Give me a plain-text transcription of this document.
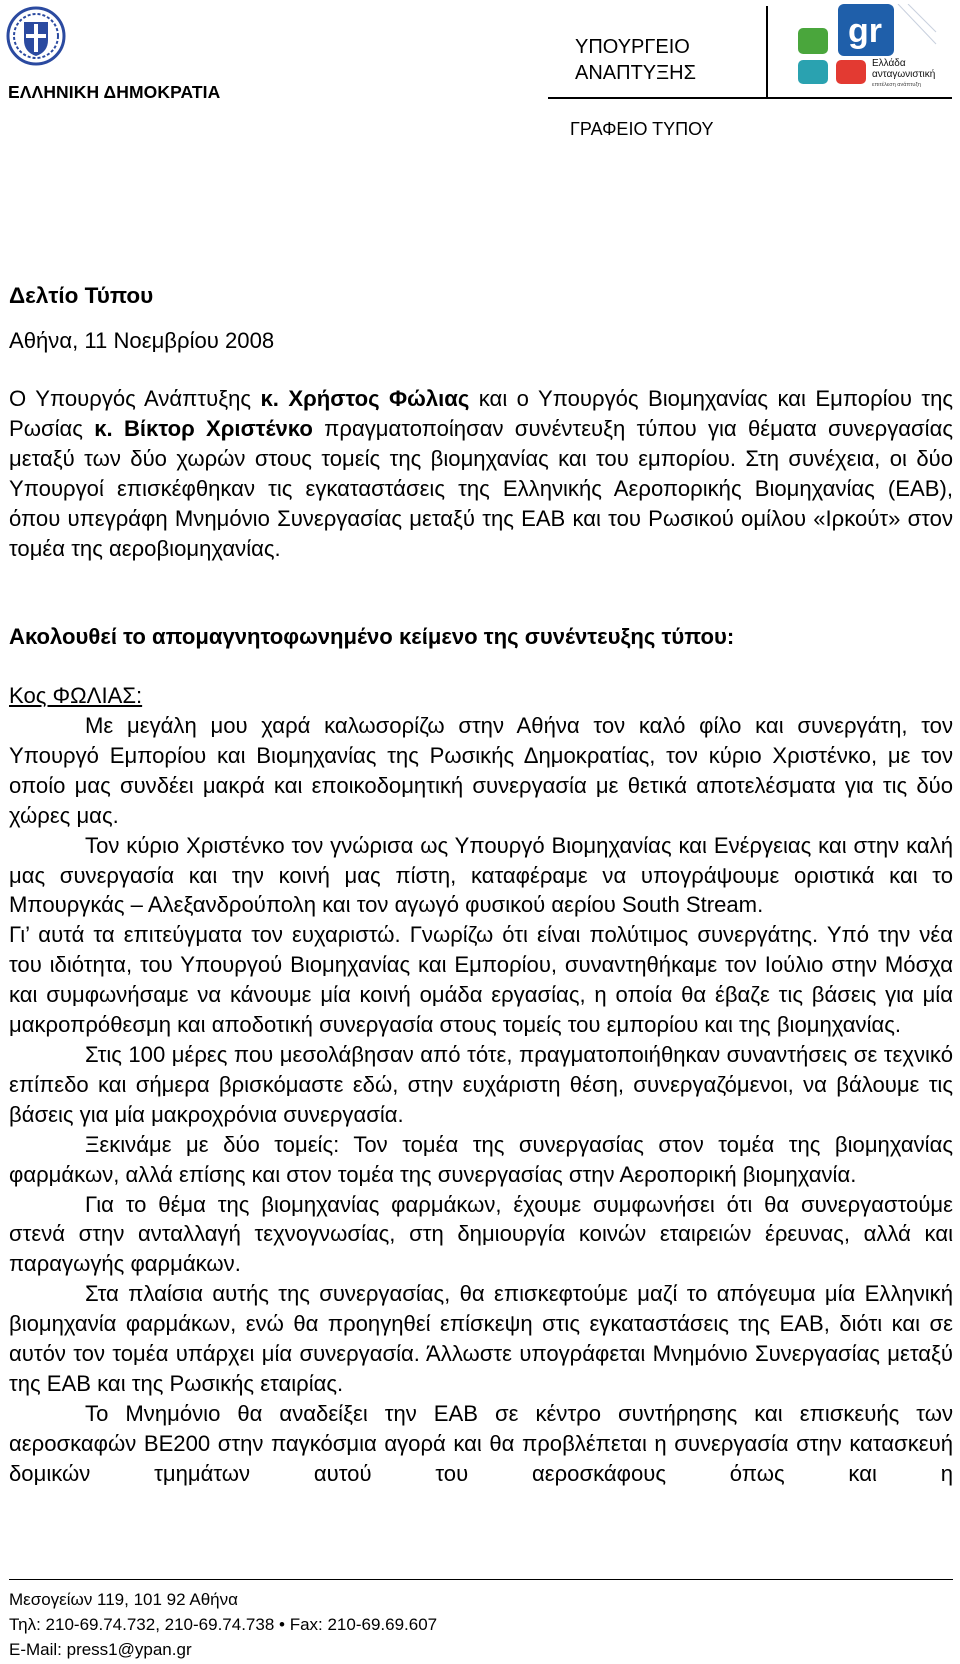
ΕΛΛΗΝΙΚΗ ΔΗΜΟΚΡΑΤΙΑ
ΥΠΟΥΡΓΕΙΟ
ΑΝΑΠΤΥΞΗΣ
ΓΡΑΦΕΙΟ ΤΥΠΟΥ
gr
Ελλάδα
ανταγωνιστική
επιτέλεση ανάπτυξη
Δελτίο Τύπου
Αθήνα, 11 Νοεμβρίου 2008
Ο Υπουργός Ανάπτυξης κ. Χρήστος Φώλιας και ο Υπουργός Βιομηχανίας και Εμπορίου της Ρωσίας κ. Βίκτορ Χριστένκο πραγματοποίησαν συνέντευξη τύπου για θέματα συνεργασίας μεταξύ των δύο χωρών στους τομείς της βιομηχανίας και του εμπορίου. Στη συνέχεια, οι δύο Υπουργοί επισκέφθηκαν τις εγκαταστάσεις της Ελληνικής Αεροπορικής Βιομηχανίας (ΕΑΒ), όπου υπεγράφη Μνημόνιο Συνεργασίας μεταξύ της ΕΑΒ και του Ρωσικού ομίλου «Ιρκούτ» στον τομέα της αεροβιομηχανίας.
Ακολουθεί το απομαγνητοφωνημένο κείμενο της συνέντευξης τύπου:
Κος ΦΩΛΙΑΣ:

Με μεγάλη μου χαρά καλωσορίζω στην Αθήνα τον καλό φίλο και συνεργάτη, τον Υπουργό Εμπορίου και Βιομηχανίας της Ρωσικής Δημοκρατίας, τον κύριο Χριστένκο, με τον οποίο μας συνδέει μακρά και εποικοδομητική συνεργασία με θετικά αποτελέσματα για τις δύο χώρες μας.

Τον κύριο Χριστένκο τον γνώρισα ως Υπουργό Βιομηχανίας και Ενέργειας και στην καλή μας συνεργασία και την κοινή μας πίστη, καταφέραμε να υπογράψουμε οριστικά και το Μπουργκάς – Αλεξανδρούπολη και τον αγωγό φυσικού αερίου South Stream.

Γι’ αυτά τα επιτεύγματα τον ευχαριστώ. Γνωρίζω ότι είναι πολύτιμος συνεργάτης. Υπό την νέα του ιδιότητα, του Υπουργού Βιομηχανίας και Εμπορίου, συναντηθήκαμε τον Ιούλιο στην Μόσχα και συμφωνήσαμε να κάνουμε μία κοινή ομάδα εργασίας, η οποία θα έβαζε τις βάσεις για μία μακροπρόθεσμη και αποδοτική συνεργασία στους τομείς του εμπορίου και της βιομηχανίας.

Στις 100 μέρες που μεσολάβησαν από τότε, πραγματοποιήθηκαν συναντήσεις σε τεχνικό επίπεδο και σήμερα βρισκόμαστε εδώ, στην ευχάριστη θέση, συνεργαζόμενοι, να βάλουμε τις βάσεις για μία μακροχρόνια συνεργασία.

Ξεκινάμε με δύο τομείς: Τον τομέα της συνεργασίας στον τομέα της βιομηχανίας φαρμάκων, αλλά επίσης και στον τομέα της συνεργασίας στην Αεροπορική βιομηχανία.

Για το θέμα της βιομηχανίας φαρμάκων, έχουμε συμφωνήσει ότι θα συνεργαστούμε στενά στην ανταλλαγή τεχνογνωσίας, στη δημιουργία κοινών εταιρειών έρευνας, αλλά και παραγωγής φαρμάκων.

Στα πλαίσια αυτής της συνεργασίας, θα επισκεφτούμε μαζί το απόγευμα μία Ελληνική βιομηχανία φαρμάκων, ενώ θα προηγηθεί επίσκεψη στις εγκαταστάσεις της ΕΑΒ, διότι και σε αυτόν τον τομέα υπάρχει μία συνεργασία. Άλλωστε υπογράφεται Μνημόνιο Συνεργασίας μεταξύ της ΕΑΒ και της Ρωσικής εταιρίας.

Το Μνημόνιο θα αναδείξει την ΕΑΒ σε κέντρο συντήρησης και επισκευής των αεροσκαφών ΒΕ200 στην παγκόσμια αγορά και θα προβλέπεται η συνεργασία στην κατασκευή δομικών τμημάτων αυτού του αεροσκάφους όπως και η

Μεσογείων 119, 101 92 Αθήνα
Τηλ: 210-69.74.732, 210-69.74.738 • Fax: 210-69.69.607
E-Mail: press1@ypan.gr
